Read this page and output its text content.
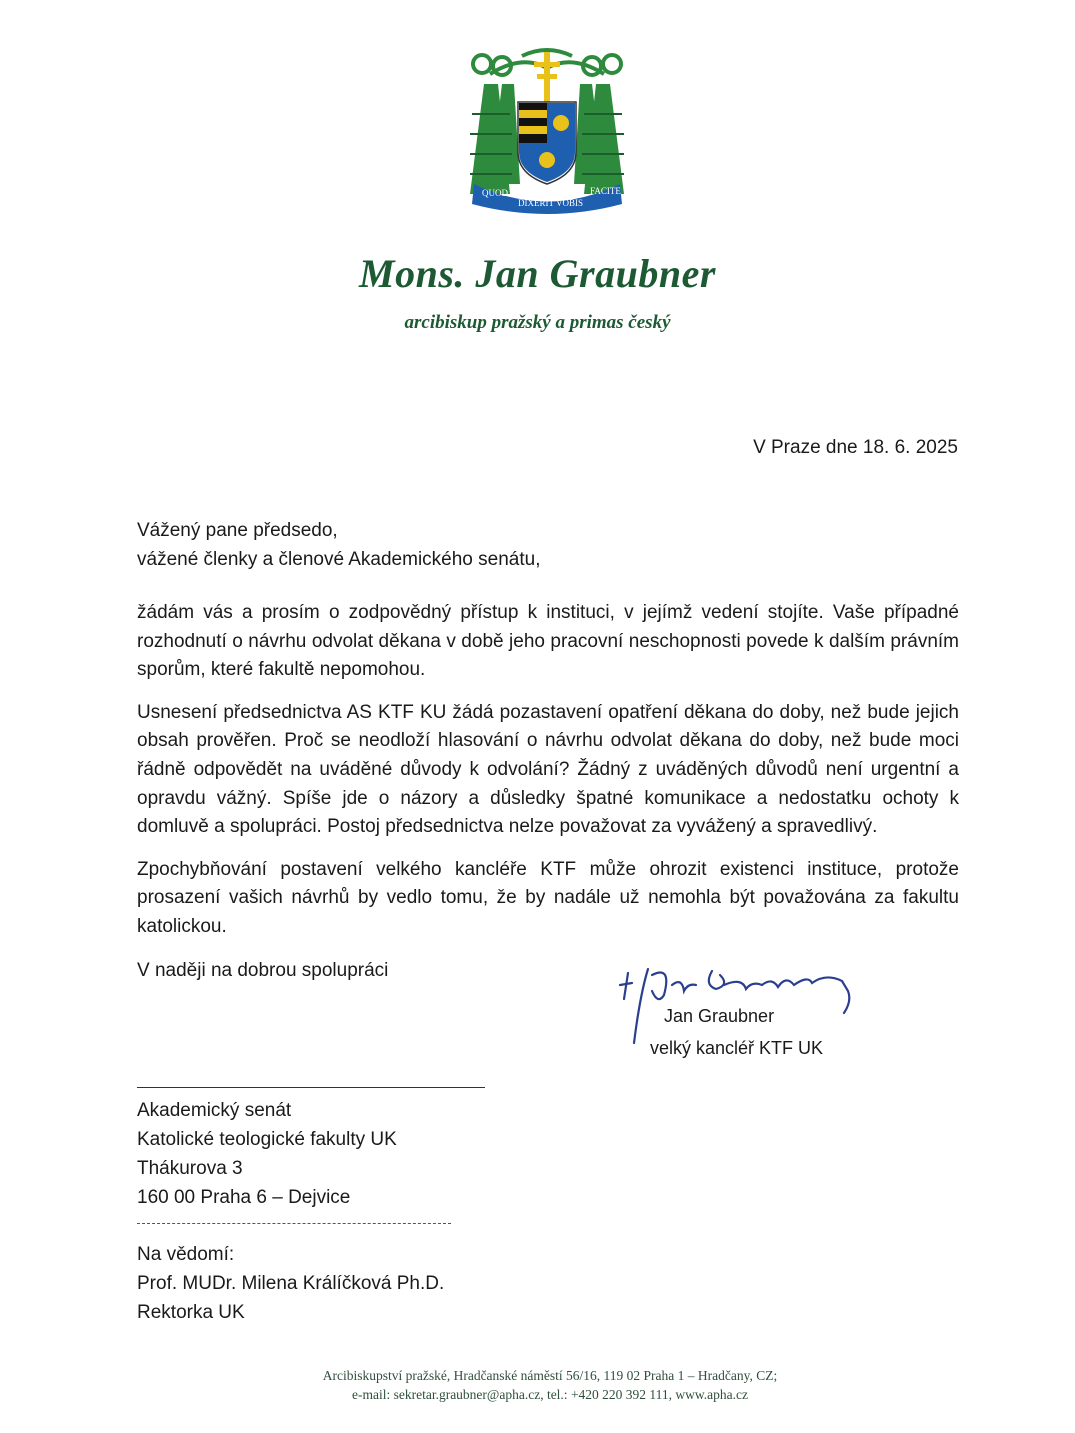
QUOD
DIXERIT VOBIS
FACITE
Mons. Jan Graubner
arcibiskup pražský a primas český
V Praze dne 18. 6. 2025
Vážený pane předsedo,
vážené členky a členové Akademického senátu,

žádám vás a prosím o zodpovědný přístup k instituci, v jejímž vedení stojíte. Vaše případné rozhodnutí o návrhu odvolat děkana v době jeho pracovní neschopnosti povede k dalším právním sporům, které fakultě nepomohou.

Usnesení předsednictva AS KTF KU žádá pozastavení opatření děkana do doby, než bude jejich obsah prověřen. Proč se neodloží hlasování o návrhu odvolat děkana do doby, než bude moci řádně odpovědět na uváděné důvody k odvolání? Žádný z uváděných důvodů není urgentní a opravdu vážný. Spíše jde o názory a důsledky špatné komunikace a nedostatku ochoty k domluvě a spolupráci. Postoj předsednictva nelze považovat za vyvážený a spravedlivý.

Zpochybňování postavení velkého kancléře KTF může ohrozit existenci instituce, protože prosazení vašich návrhů by vedlo tomu, že by nadále už nemohla být považována za fakultu katolickou.

V naději na dobrou spolupráci
Jan Graubner
velký kancléř KTF UK
Akademický senát
Katolické teologické fakulty UK
Thákurova 3
160 00 Praha 6 – Dejvice
Na vědomí:
Prof. MUDr. Milena Králíčková Ph.D.
Rektorka UK
Arcibiskupství pražské, Hradčanské náměstí 56/16, 119 02 Praha 1 – Hradčany, CZ;
e-mail: sekretar.graubner@apha.cz, tel.: +420 220 392 111, www.apha.cz
